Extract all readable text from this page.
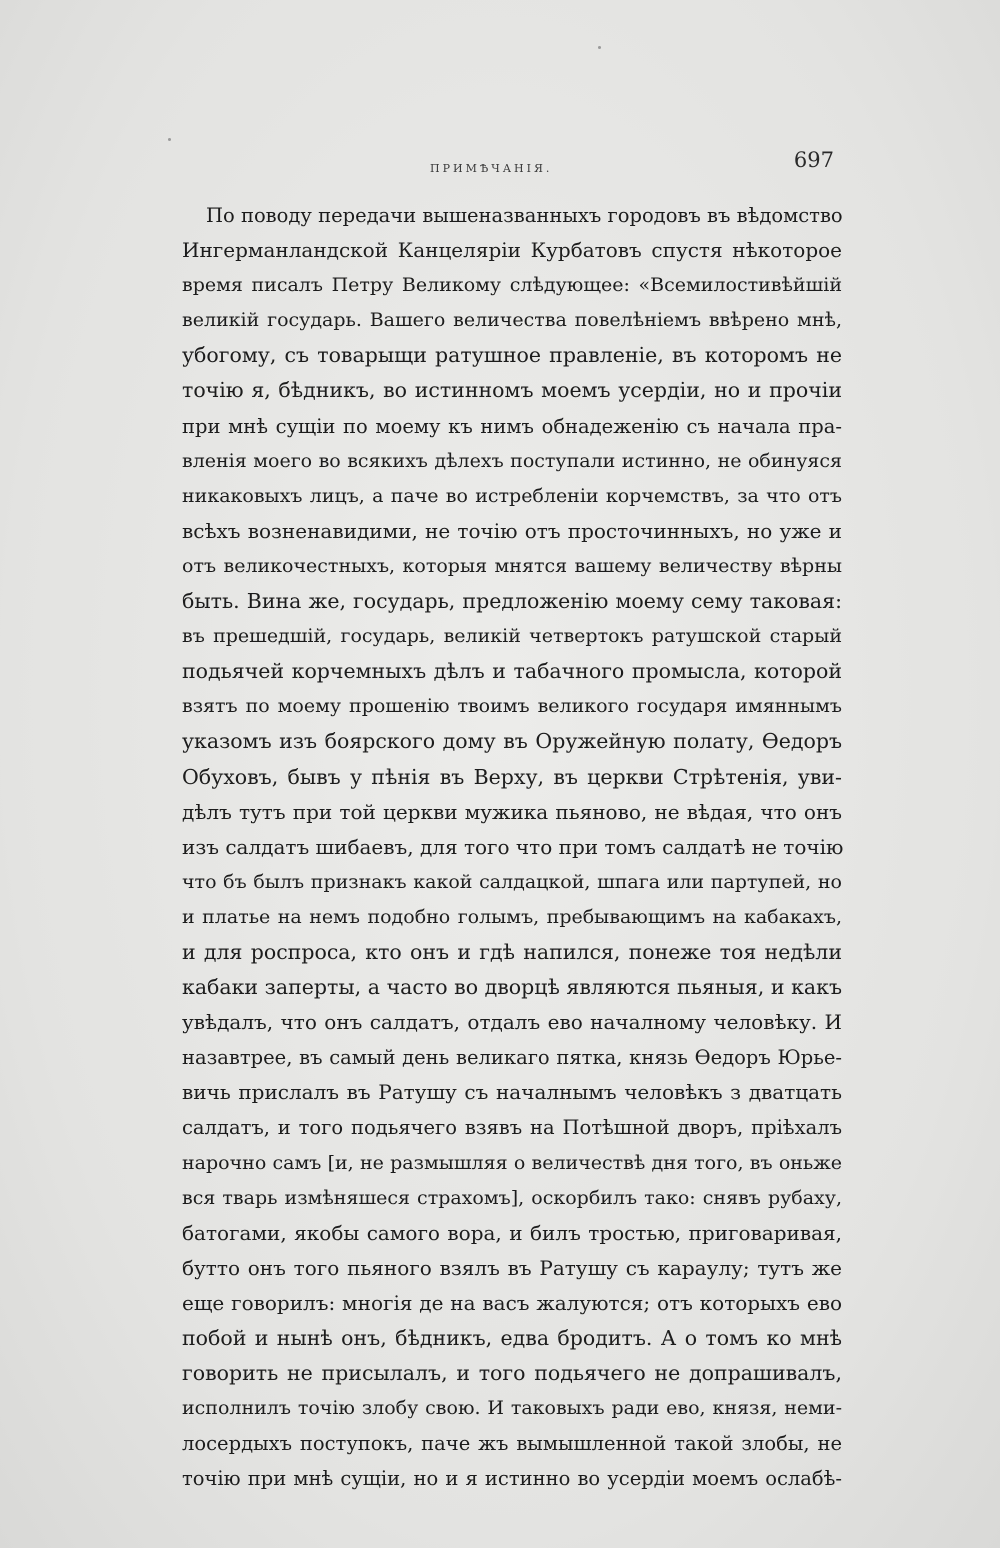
ПРИМѢЧАНІЯ.	697
По поводу передачи вышеназванныхъ городовъ въ вѣдомство
Ингерманландской Канцеляріи Курбатовъ спустя нѣкоторое
время писалъ Петру Великому слѣдующее: «Всемилостивѣйшій
великій государь. Вашего величества повелѣніемъ ввѣрено мнѣ,
убогому, съ товарыщи ратушное правленіе, въ которомъ не
точію я, бѣдникъ, во истинномъ моемъ усердіи, но и прочіи
при мнѣ сущіи по моему къ нимъ обнадеженію съ начала пра-
вленія моего во всякихъ дѣлехъ поступали истинно, не обинуяся
никаковыхъ лицъ, а паче во истребленіи корчемствъ, за что отъ
всѣхъ возненавидими, не точію отъ просточинныхъ, но уже и
отъ великочестныхъ, которыя мнятся вашему величеству вѣрны
быть. Вина же, государь, предложенію моему сему таковая:
въ прешедшій, государь, великій четвертокъ ратушской старый
подьячей корчемныхъ дѣлъ и табачного промысла, которой
взятъ по моему прошенію твоимъ великого государя имяннымъ
указомъ изъ боярского дому въ Оружейную полату, Ѳедоръ
Обуховъ, бывъ у пѣнія въ Верху, въ церкви Стрѣтенія, уви-
дѣлъ тутъ при той церкви мужика пьяново, не вѣдая, что онъ
изъ салдатъ шибаевъ, для того что при томъ салдатѣ не точію
что бъ былъ признакъ какой салдацкой, шпага или партупей, но
и платье на немъ подобно голымъ, пребывающимъ на кабакахъ,
и для роспроса, кто онъ и гдѣ напился, понеже тоя недѣли
кабаки заперты, а часто во дворцѣ являются пьяныя, и какъ
увѣдалъ, что онъ салдатъ, отдалъ ево началному человѣку. И
назавтрее, въ самый день великаго пятка, князь Ѳедоръ Юрье-
вичь прислалъ въ Ратушу съ началнымъ человѣкъ з дватцать
салдатъ, и того подьячего взявъ на Потѣшной дворъ, пріѣхалъ
нарочно самъ [и, не размышляя о величествѣ дня того, въ оньже
вся тварь измѣняшеся страхомъ], оскорбилъ тако: снявъ рубаху,
батогами, якобы самого вора, и билъ тростью, приговаривая,
бутто онъ того пьяного взялъ въ Ратушу съ караулу; тутъ же
еще говорилъ: многія де на васъ жалуются; отъ которыхъ ево
побой и нынѣ онъ, бѣдникъ, едва бродитъ. А о томъ ко мнѣ
говорить не присылалъ, и того подьячего не допрашивалъ,
исполнилъ точію злобу свою. И таковыхъ ради ево, князя, неми-
лосердыхъ поступокъ, паче жъ вымышленной такой злобы, не
точію при мнѣ сущіи, но и я истинно во усердіи моемъ ослабѣ-
